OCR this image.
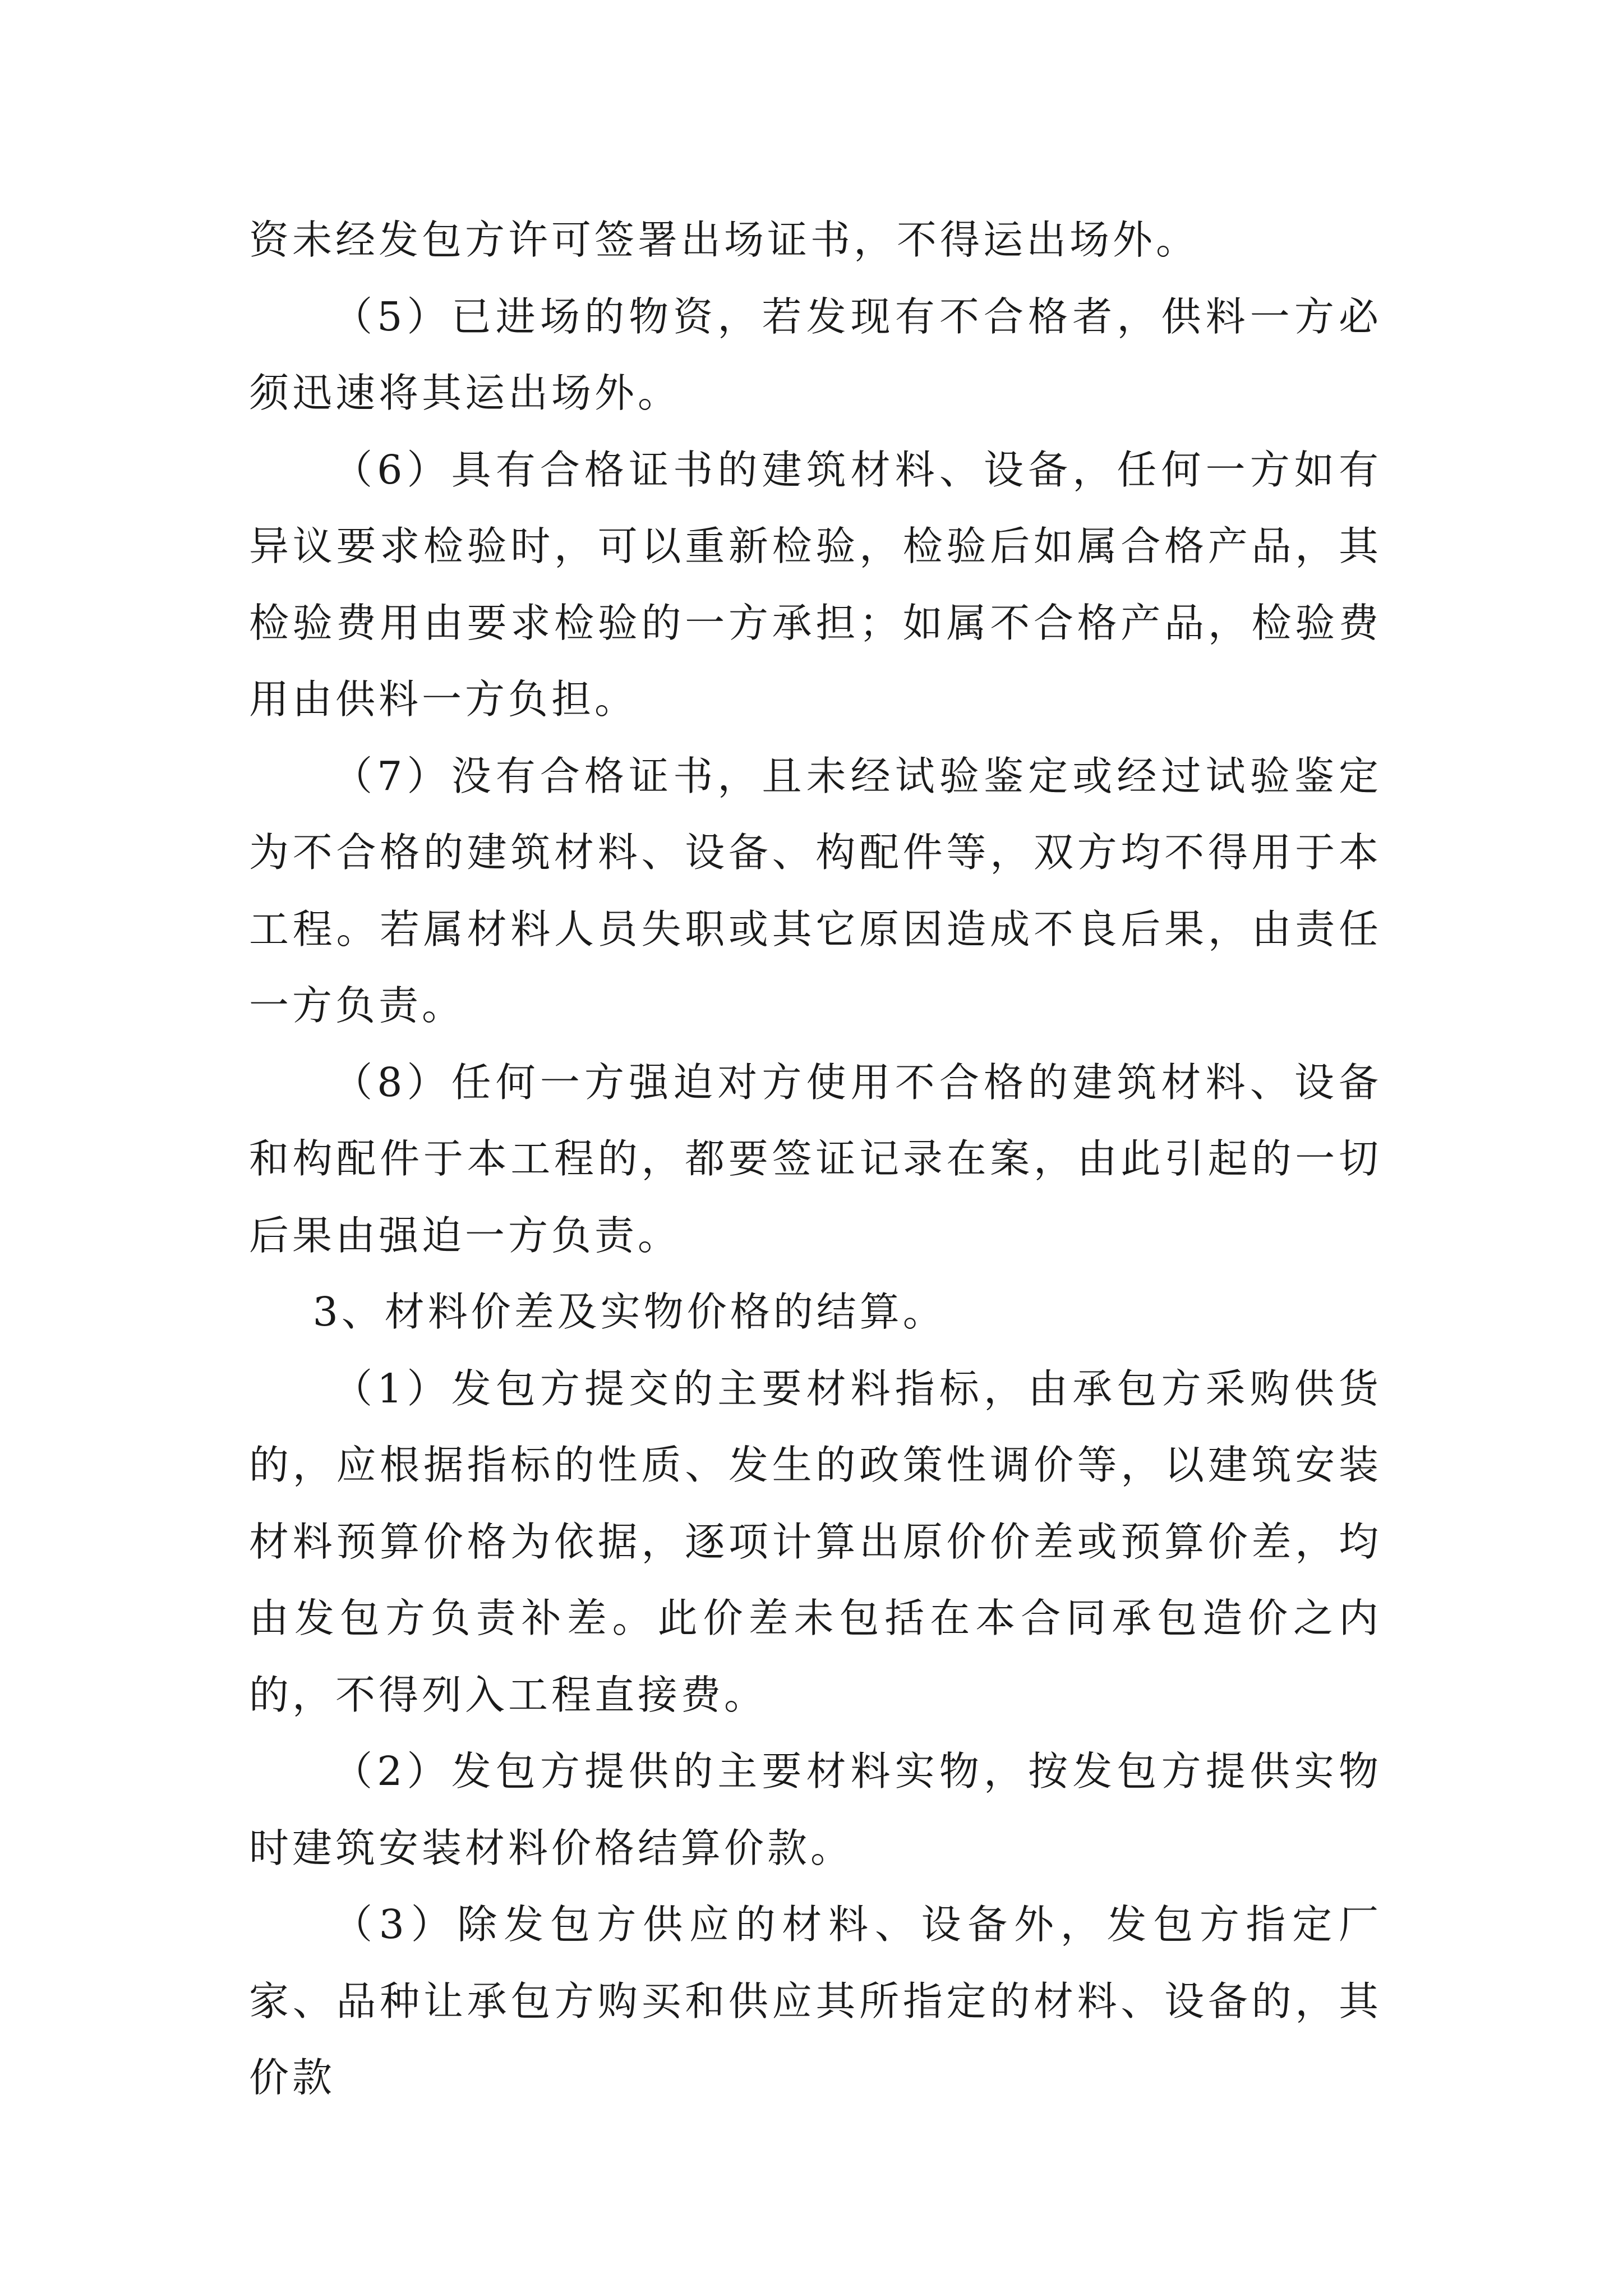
资未经发包方许可签署出场证书，不得运出场外。

（5）已进场的物资，若发现有不合格者，供料一方必须迅速将其运出场外。

（6）具有合格证书的建筑材料、设备，任何一方如有异议要求检验时，可以重新检验，检验后如属合格产品，其检验费用由要求检验的一方承担；如属不合格产品，检验费用由供料一方负担。

（7）没有合格证书，且未经试验鉴定或经过试验鉴定为不合格的建筑材料、设备、构配件等，双方均不得用于本工程。若属材料人员失职或其它原因造成不良后果，由责任一方负责。

（8）任何一方强迫对方使用不合格的建筑材料、设备和构配件于本工程的，都要签证记录在案，由此引起的一切后果由强迫一方负责。

3、材料价差及实物价格的结算。

（1）发包方提交的主要材料指标，由承包方采购供货的，应根据指标的性质、发生的政策性调价等，以建筑安装材料预算价格为依据，逐项计算出原价价差或预算价差，均由发包方负责补差。此价差未包括在本合同承包造价之内的，不得列入工程直接费。

（2）发包方提供的主要材料实物，按发包方提供实物时建筑安装材料价格结算价款。

（3）除发包方供应的材料、设备外，发包方指定厂家、品种让承包方购买和供应其所指定的材料、设备的，其价款
